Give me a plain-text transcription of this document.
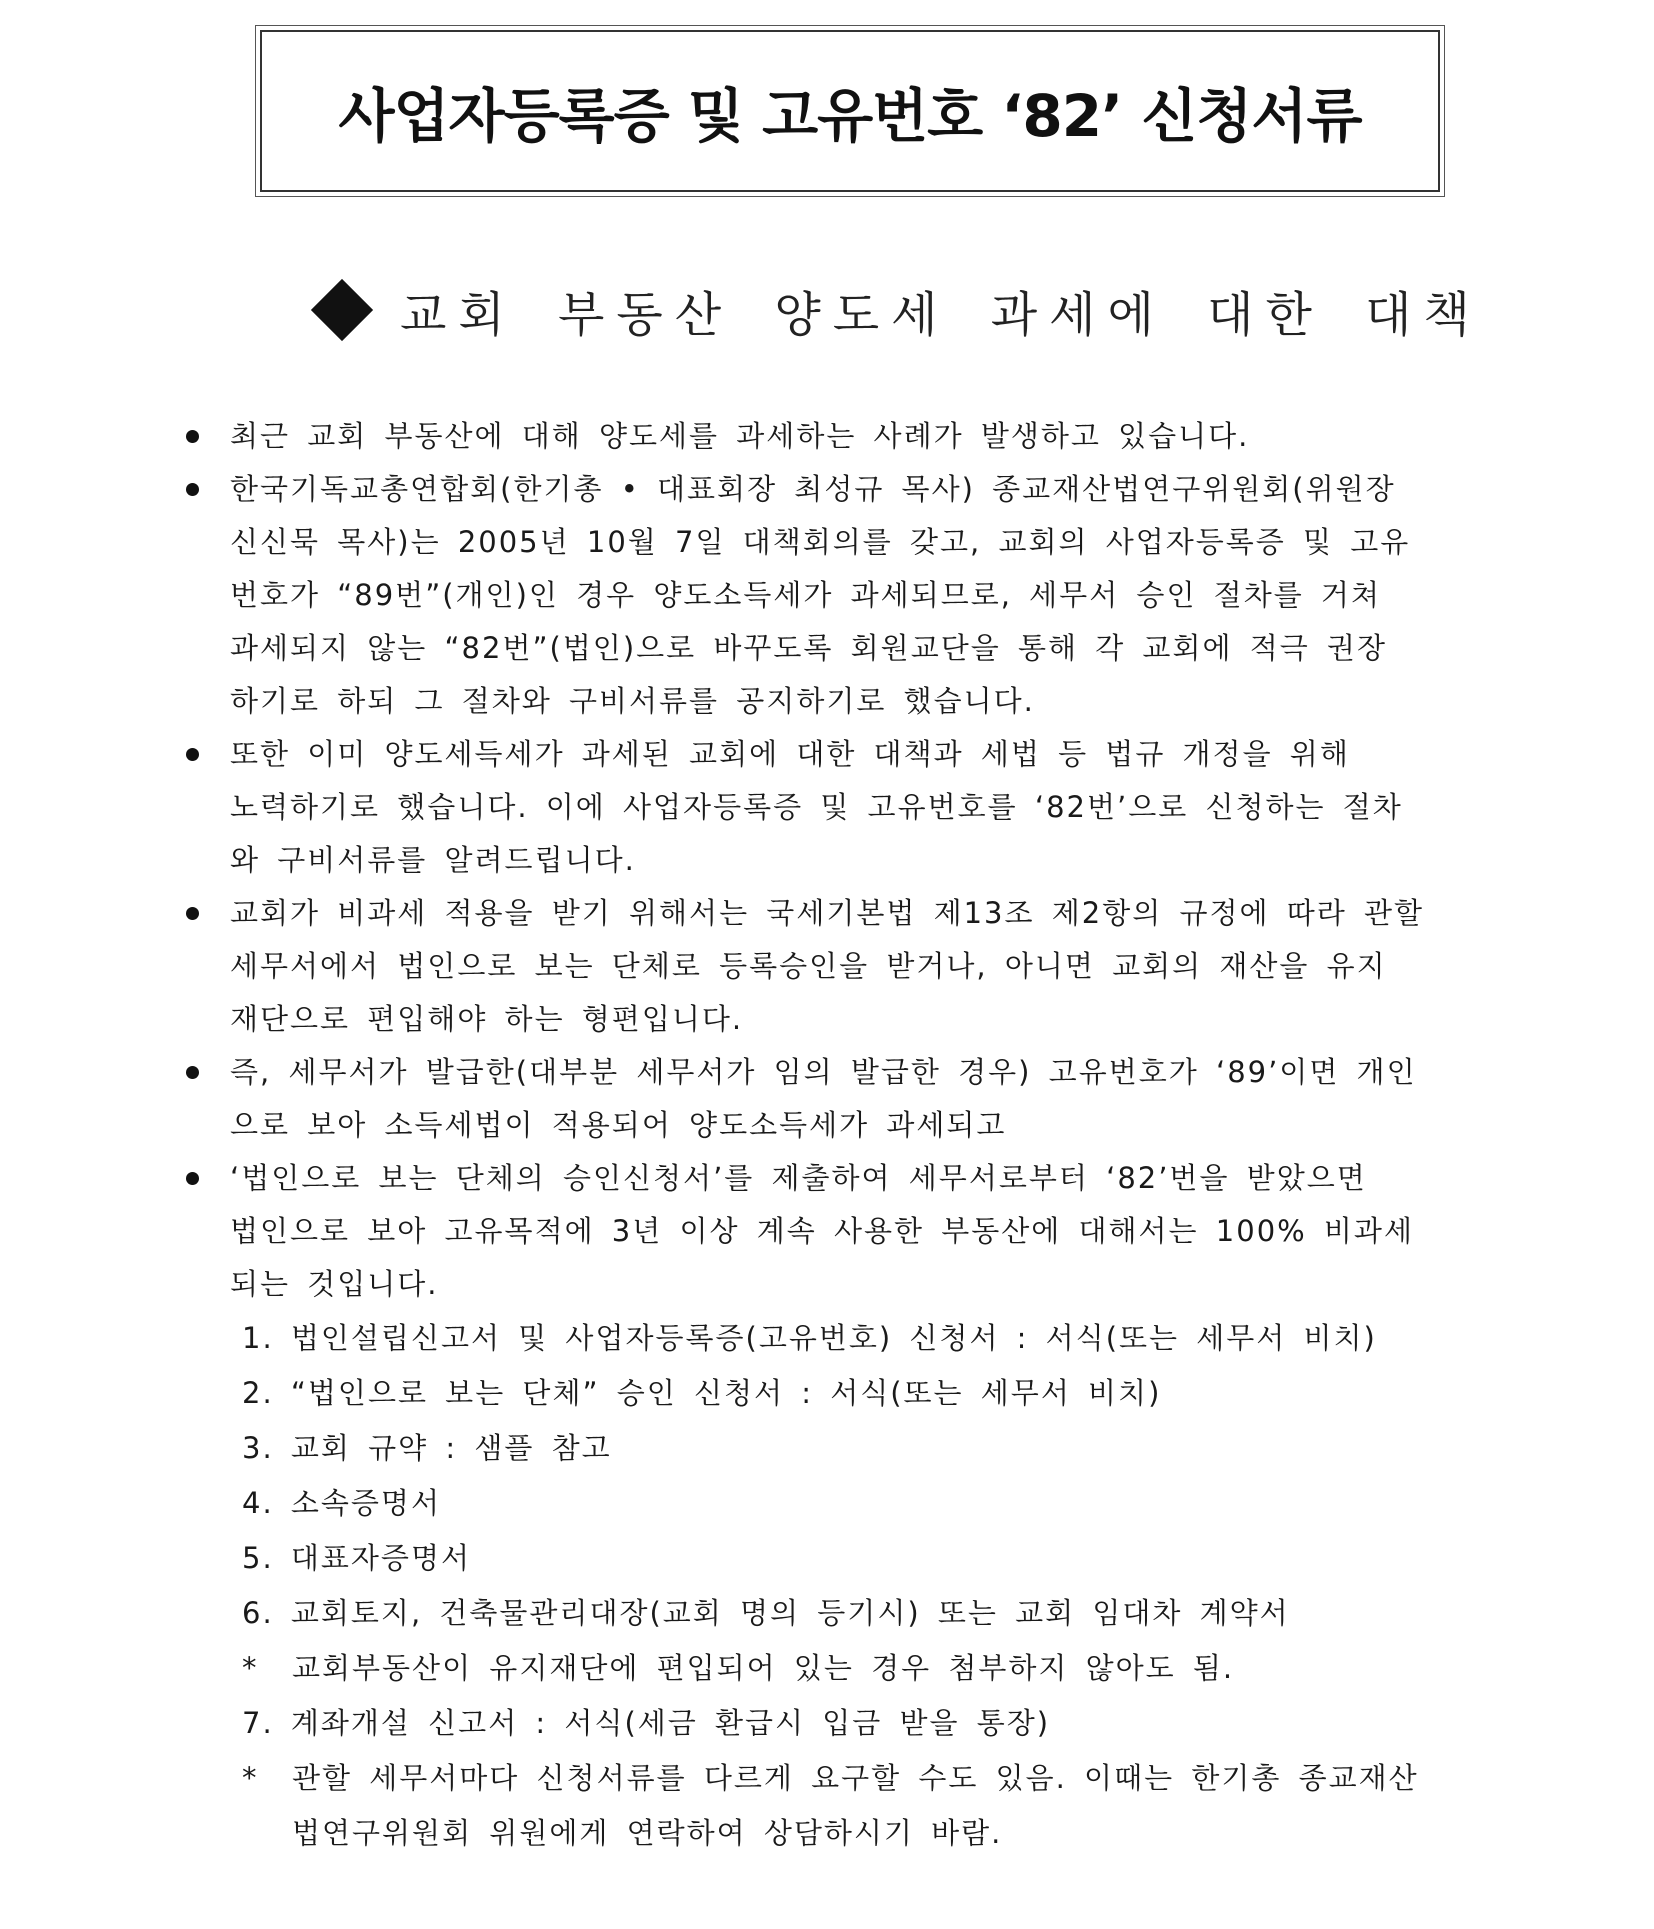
사업자등록증 및 고유번호 ‘82’ 신청서류
교회 부동산 양도세 과세에 대한 대책
최근 교회 부동산에 대해 양도세를 과세하는 사례가 발생하고 있습니다.
한국기독교총연합회(한기총 • 대표회장 최성규 목사) 종교재산법연구위원회(위원장
신신묵 목사)는 2005년 10월 7일 대책회의를 갖고, 교회의 사업자등록증 및 고유
번호가 “89번”(개인)인 경우 양도소득세가 과세되므로, 세무서 승인 절차를 거쳐
과세되지 않는 “82번”(법인)으로 바꾸도록 회원교단을 통해 각 교회에 적극 권장
하기로 하되 그 절차와 구비서류를 공지하기로 했습니다.
또한 이미 양도세득세가 과세된 교회에 대한 대책과 세법 등 법규 개정을 위해
노력하기로 했습니다. 이에 사업자등록증 및 고유번호를 ‘82번’으로 신청하는 절차
와 구비서류를 알려드립니다.
교회가 비과세 적용을 받기 위해서는 국세기본법 제13조 제2항의 규정에 따라 관할
세무서에서 법인으로 보는 단체로 등록승인을 받거나, 아니면 교회의 재산을 유지
재단으로 편입해야 하는 형편입니다.
즉, 세무서가 발급한(대부분 세무서가 임의 발급한 경우) 고유번호가 ‘89’이면 개인
으로 보아 소득세법이 적용되어 양도소득세가 과세되고
‘법인으로 보는 단체의 승인신청서’를 제출하여 세무서로부터 ‘82’번을 받았으면
법인으로 보아 고유목적에 3년 이상 계속 사용한 부동산에 대해서는 100% 비과세
되는 것입니다.
1. 법인설립신고서 및 사업자등록증(고유번호) 신청서 : 서식(또는 세무서 비치)
2. “법인으로 보는 단체” 승인 신청서 : 서식(또는 세무서 비치)
3. 교회 규약 : 샘플 참고
4. 소속증명서
5. 대표자증명서
6. 교회토지, 건축물관리대장(교회 명의 등기시) 또는 교회 임대차 계약서
* 교회부동산이 유지재단에 편입되어 있는 경우 첨부하지 않아도 됨.
7. 계좌개설 신고서 : 서식(세금 환급시 입금 받을 통장)
* 관할 세무서마다 신청서류를 다르게 요구할 수도 있음. 이때는 한기총 종교재산
법연구위원회 위원에게 연락하여 상담하시기 바람.
